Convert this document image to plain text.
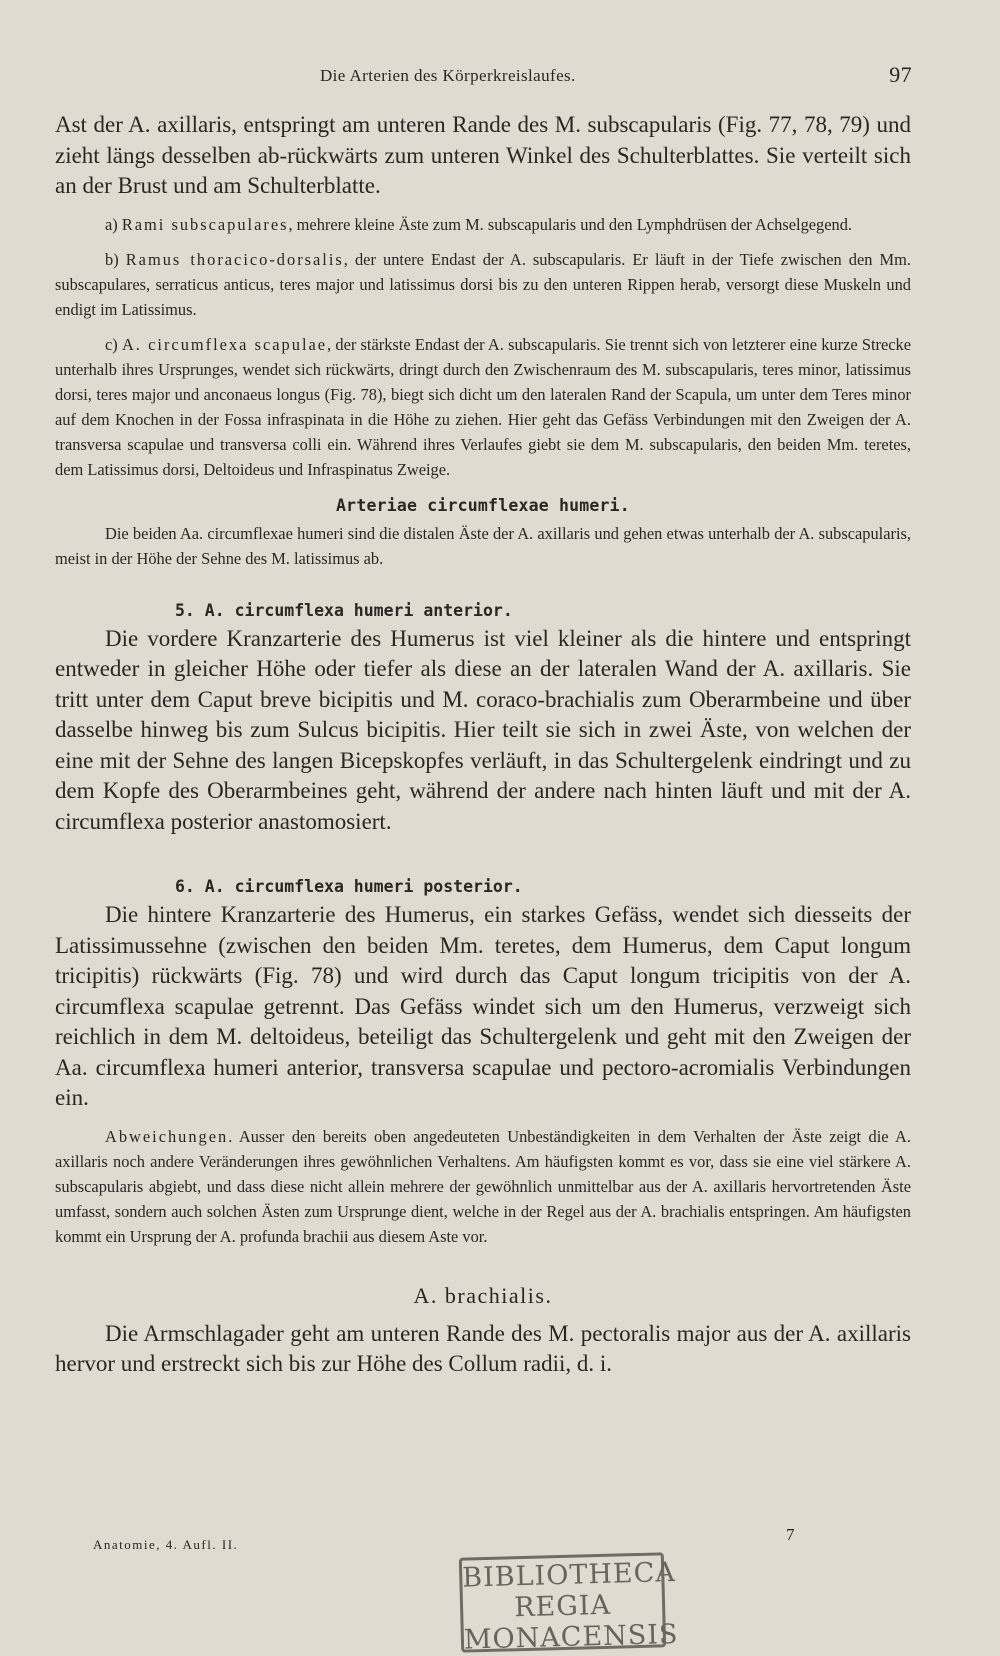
Die Arterien des Körperkreislaufes.	97

Ast der A. axillaris, entspringt am unteren Rande des M. subscapularis (Fig. 77, 78, 79) und zieht längs desselben ab-rückwärts zum unteren Winkel des Schulterblattes. Sie verteilt sich an der Brust und am Schulterblatte.

a) Rami subscapulares, mehrere kleine Äste zum M. subscapularis und den Lymphdrüsen der Achselgegend.

b) Ramus thoracico-dorsalis, der untere Endast der A. subscapularis. Er läuft in der Tiefe zwischen den Mm. subscapulares, serraticus anticus, teres major und latissimus dorsi bis zu den unteren Rippen herab, versorgt diese Muskeln und endigt im Latissimus.

c) A. circumflexa scapulae, der stärkste Endast der A. subscapularis. Sie trennt sich von letzterer eine kurze Strecke unterhalb ihres Ursprunges, wendet sich rückwärts, dringt durch den Zwischenraum des M. subscapularis, teres minor, latissimus dorsi, teres major und anconaeus longus (Fig. 78), biegt sich dicht um den lateralen Rand der Scapula, um unter dem Teres minor auf dem Knochen in der Fossa infraspinata in die Höhe zu ziehen. Hier geht das Gefäss Verbindungen mit den Zweigen der A. transversa scapulae und transversa colli ein. Während ihres Verlaufes giebt sie dem M. subscapularis, den beiden Mm. teretes, dem Latissimus dorsi, Deltoideus und Infraspinatus Zweige.

Arteriae circumflexae humeri.

Die beiden Aa. circumflexae humeri sind die distalen Äste der A. axillaris und gehen etwas unterhalb der A. subscapularis, meist in der Höhe der Sehne des M. latissimus ab.

5. A. circumflexa humeri anterior.

Die vordere Kranzarterie des Humerus ist viel kleiner als die hintere und entspringt entweder in gleicher Höhe oder tiefer als diese an der lateralen Wand der A. axillaris. Sie tritt unter dem Caput breve bicipitis und M. coraco-brachialis zum Oberarmbeine und über dasselbe hinweg bis zum Sulcus bicipitis. Hier teilt sie sich in zwei Äste, von welchen der eine mit der Sehne des langen Bicepskopfes verläuft, in das Schultergelenk eindringt und zu dem Kopfe des Oberarmbeines geht, während der andere nach hinten läuft und mit der A. circumflexa posterior anastomosiert.

6. A. circumflexa humeri posterior.

Die hintere Kranzarterie des Humerus, ein starkes Gefäss, wendet sich diesseits der Latissimussehne (zwischen den beiden Mm. teretes, dem Humerus, dem Caput longum tricipitis) rückwärts (Fig. 78) und wird durch das Caput longum tricipitis von der A. circumflexa scapulae getrennt. Das Gefäss windet sich um den Humerus, verzweigt sich reichlich in dem M. deltoideus, beteiligt das Schultergelenk und geht mit den Zweigen der Aa. circumflexa humeri anterior, transversa scapulae und pectoro-acromialis Verbindungen ein.

Abweichungen. Ausser den bereits oben angedeuteten Unbeständigkeiten in dem Verhalten der Äste zeigt die A. axillaris noch andere Veränderungen ihres gewöhnlichen Verhaltens. Am häufigsten kommt es vor, dass sie eine viel stärkere A. subscapularis abgiebt, und dass diese nicht allein mehrere der gewöhnlich unmittelbar aus der A. axillaris hervortretenden Äste umfasst, sondern auch solchen Ästen zum Ursprunge dient, welche in der Regel aus der A. brachialis entspringen. Am häufigsten kommt ein Ursprung der A. profunda brachii aus diesem Aste vor.

A. brachialis.

Die Armschlagader geht am unteren Rande des M. pectoralis major aus der A. axillaris hervor und erstreckt sich bis zur Höhe des Collum radii, d. i.

Anatomie, 4. Aufl. II.
7
BIBLIOTHECA
REGIA
MONACENSIS
